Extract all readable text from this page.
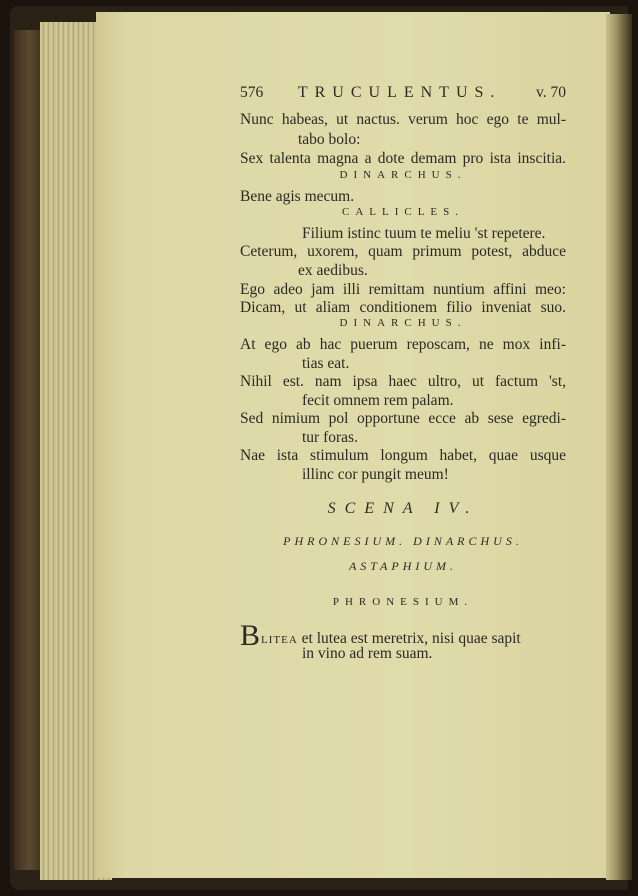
576 TRUCULENTUS. v. 70
Nunc habeas, ut nactus. verum hoc ego te mul-
tabo bolo:
Sex talenta magna a dote demam pro ista inscitia.
DINARCHUS.
Bene agis mecum.
CALLICLES.
Filium istinc tuum te meliu 'st repetere.
Ceterum, uxorem, quam primum potest, abduce
ex aedibus.
Ego adeo jam illi remittam nuntium affini meo:
Dicam, ut aliam conditionem filio inveniat suo.
DINARCHUS.
At ego ab hac puerum reposcam, ne mox infi-
tias eat.
Nihil est. nam ipsa haec ultro, ut factum 'st,
fecit omnem rem palam.
Sed nimium pol opportune ecce ab sese egredi-
tur foras.
Nae ista stimulum longum habet, quae usque
illinc cor pungit meum!
SCENA IV.
PHRONESIUM. DINARCHUS.
ASTAPHIUM.
PHRONESIUM.
BLITEA et lutea est meretrix, nisi quae sapit
in vino ad rem suam.
